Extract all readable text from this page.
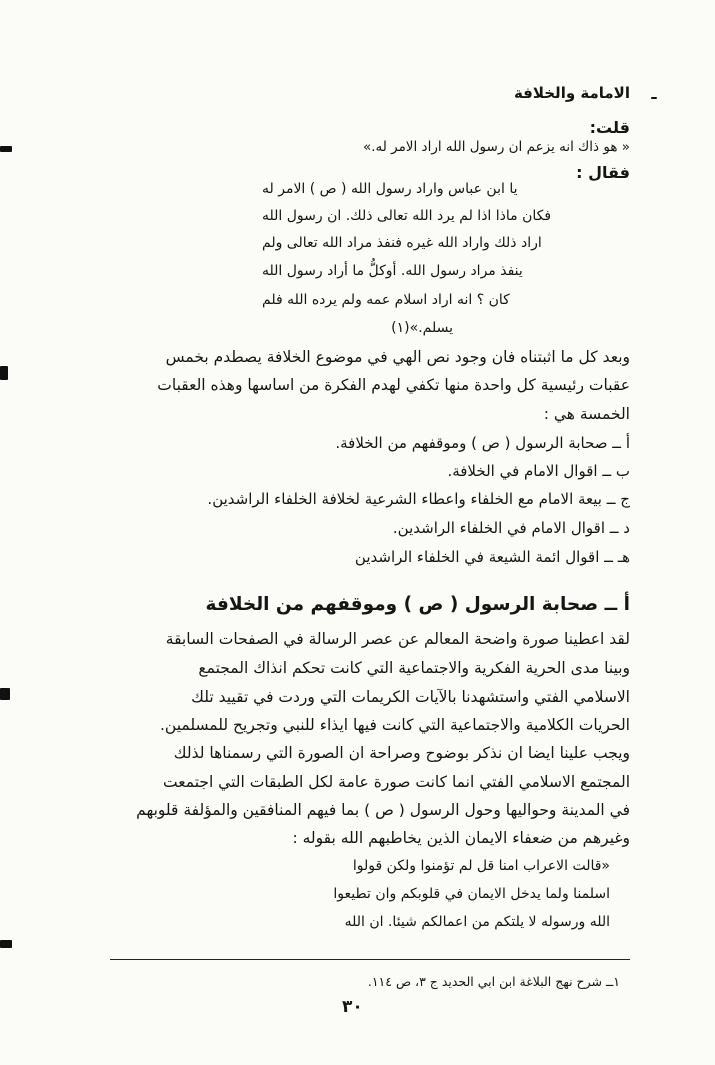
الامامة والخلافة
قلت:
« هو ذاك انه يزعم ان رسول الله اراد الامر له.»
فقال :
يا ابن عباس واراد رسول الله ( ص ) الامر له
فكان ماذا اذا لم يرد الله تعالى ذلك. ان رسول الله
اراد ذلك واراد الله غيره فنفذ مراد الله تعالى ولم
ينفذ مراد رسول الله. أوكلُّ ما أراد رسول الله
كان ؟ انه اراد اسلام عمه ولم يرده الله فلم
يسلم.»(١)
وبعد كل ما اثبتناه فان وجود نص الهي في موضوع الخلافة يصطدم بخمس
عقبات رئيسية كل واحدة منها تكفي لهدم الفكرة من اساسها وهذه العقبات
الخمسة هي :
أ ــ صحابة الرسول ( ص ) وموقفهم من الخلافة.
ب ــ اقوال الامام في الخلافة.
ج ــ بيعة الامام مع الخلفاء واعطاء الشرعية لخلافة الخلفاء الراشدين.
د ــ اقوال الامام في الخلفاء الراشدين.
هـ ــ اقوال ائمة الشيعة في الخلفاء الراشدين
أ ــ صحابة الرسول ( ص ) وموقفهم من الخلافة
لقد اعطينا صورة واضحة المعالم عن عصر الرسالة في الصفحات السابقة
وبينا مدى الحرية الفكرية والاجتماعية التي كانت تحكم انذاك المجتمع
الاسلامي الفتي واستشهدنا بالآيات الكريمات التي وردت في تقييد تلك
الحريات الكلامية والاجتماعية التي كانت فيها ايذاء للنبي وتجريح للمسلمين.
ويجب علينا ايضا ان نذكر بوضوح وصراحة ان الصورة التي رسمناها لذلك
المجتمع الاسلامي الفتي انما كانت صورة عامة لكل الطبقات التي اجتمعت
في المدينة وحواليها وحول الرسول ( ص ) بما فيهم المنافقين والمؤلفة قلوبهم
وغيرهم من ضعفاء الايمان الذين يخاطبهم الله بقوله :
«قالت الاعراب امنا قل لم تؤمنوا ولكن قولوا
اسلمنا ولما يدخل الايمان في قلوبكم وان تطيعوا
الله ورسوله لا يلتكم من اعمالكم شيئا. ان الله
١ــ شرح نهج البلاغة ابن ابي الحديد ج ٣، ص ١١٤.
٣٠
